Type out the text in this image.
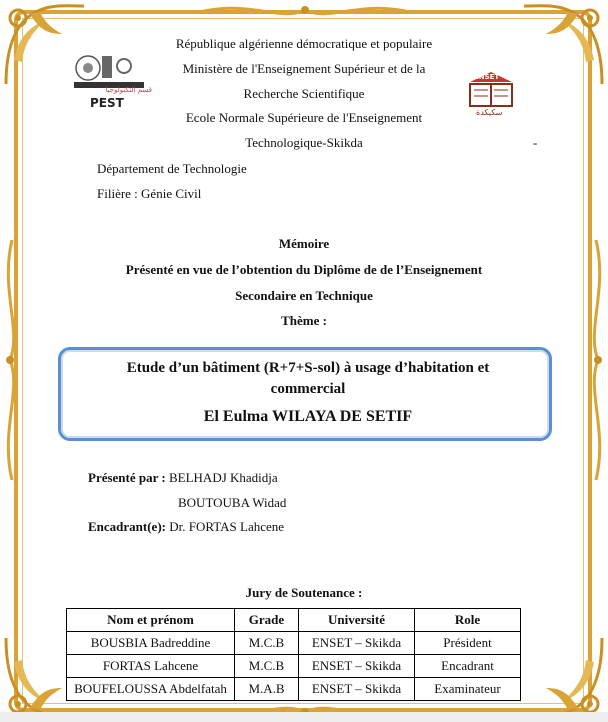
قسم التكنولوجيا
PEST
ENSET
سكيكدة
République algérienne démocratique et populaire
Ministère de l'Enseignement Supérieur et de la
Recherche Scientifique
Ecole Normale Supérieure de l'Enseignement
Technologique-Skikda	-
Département de Technologie
Filière : Génie Civil
Mémoire
Présenté en vue de l’obtention du Diplôme de de l’Enseignement
Secondaire en Technique
Thème :
Etude d’un bâtiment (R+7+S-sol) à usage d’habitation et
commercial
El Eulma WILAYA DE SETIF
Présenté par : BELHADJ Khadidja
BOUTOUBA Widad
Encadrant(e): Dr. FORTAS Lahcene
Jury de Soutenance :
Nom et prénom	Grade	Université	Role
BOUSBIA Badreddine	M.C.B	ENSET – Skikda	Président
FORTAS Lahcene	M.C.B	ENSET – Skikda	Encadrant
BOUFELOUSSA Abdelfatah	M.A.B	ENSET – Skikda	Examinateur
